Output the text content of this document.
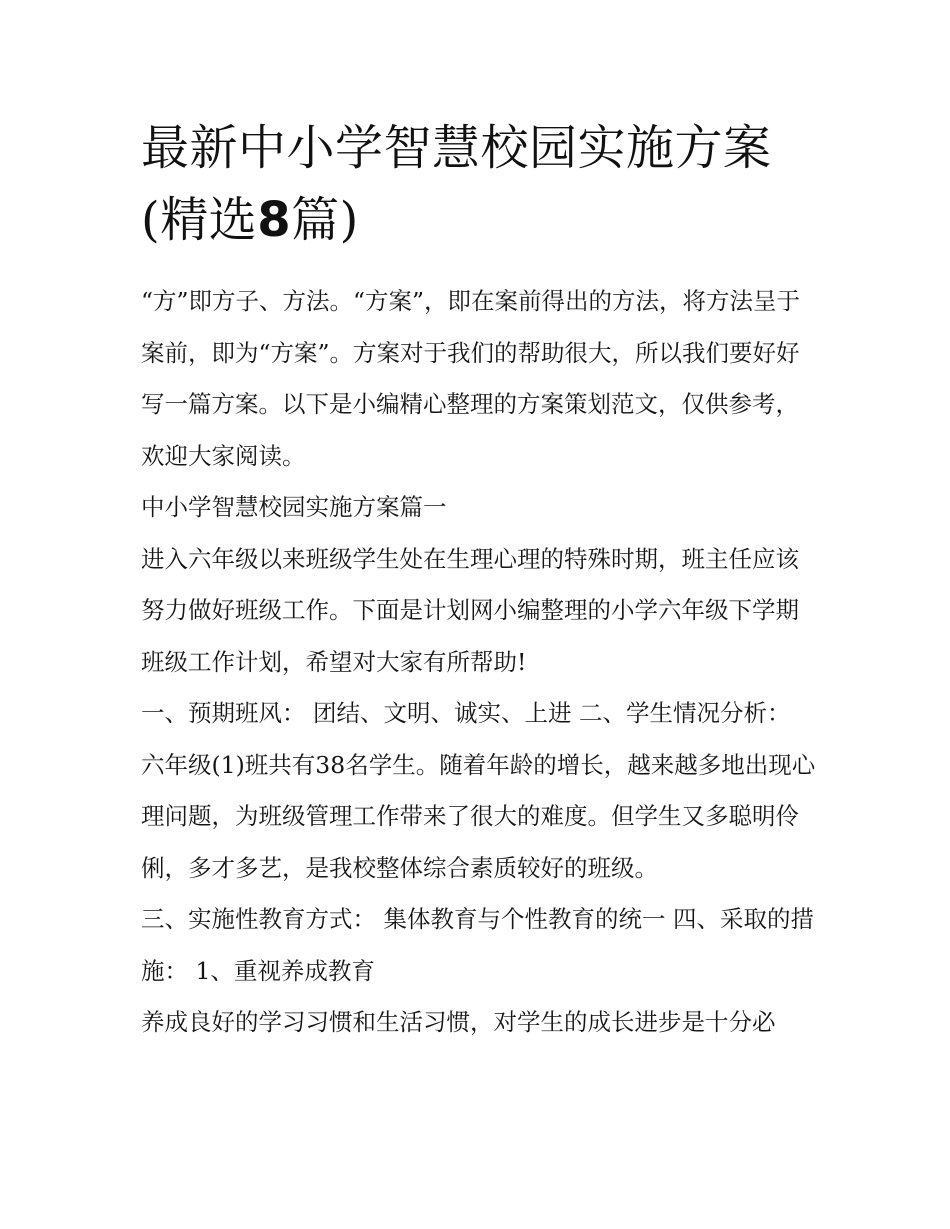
最新中小学智慧校园实施方案
(精选8篇)

“方”即方子、方法。“方案”，即在案前得出的方法，将方法呈于案前，即为“方案”。方案对于我们的帮助很大，所以我们要好好写一篇方案。以下是小编精心整理的方案策划范文，仅供参考，欢迎大家阅读。

中小学智慧校园实施方案篇一

进入六年级以来班级学生处在生理心理的特殊时期，班主任应该努力做好班级工作。下面是计划网小编整理的小学六年级下学期班级工作计划，希望对大家有所帮助!

一、预期班风： 团结、文明、诚实、上进 二、学生情况分析：

六年级(1)班共有38名学生。随着年龄的增长，越来越多地出现心理问题，为班级管理工作带来了很大的难度。但学生又多聪明伶俐，多才多艺，是我校整体综合素质较好的班级。

三、实施性教育方式： 集体教育与个性教育的统一 四、采取的措施： 1、重视养成教育

养成良好的学习习惯和生活习惯，对学生的成长进步是十分必
